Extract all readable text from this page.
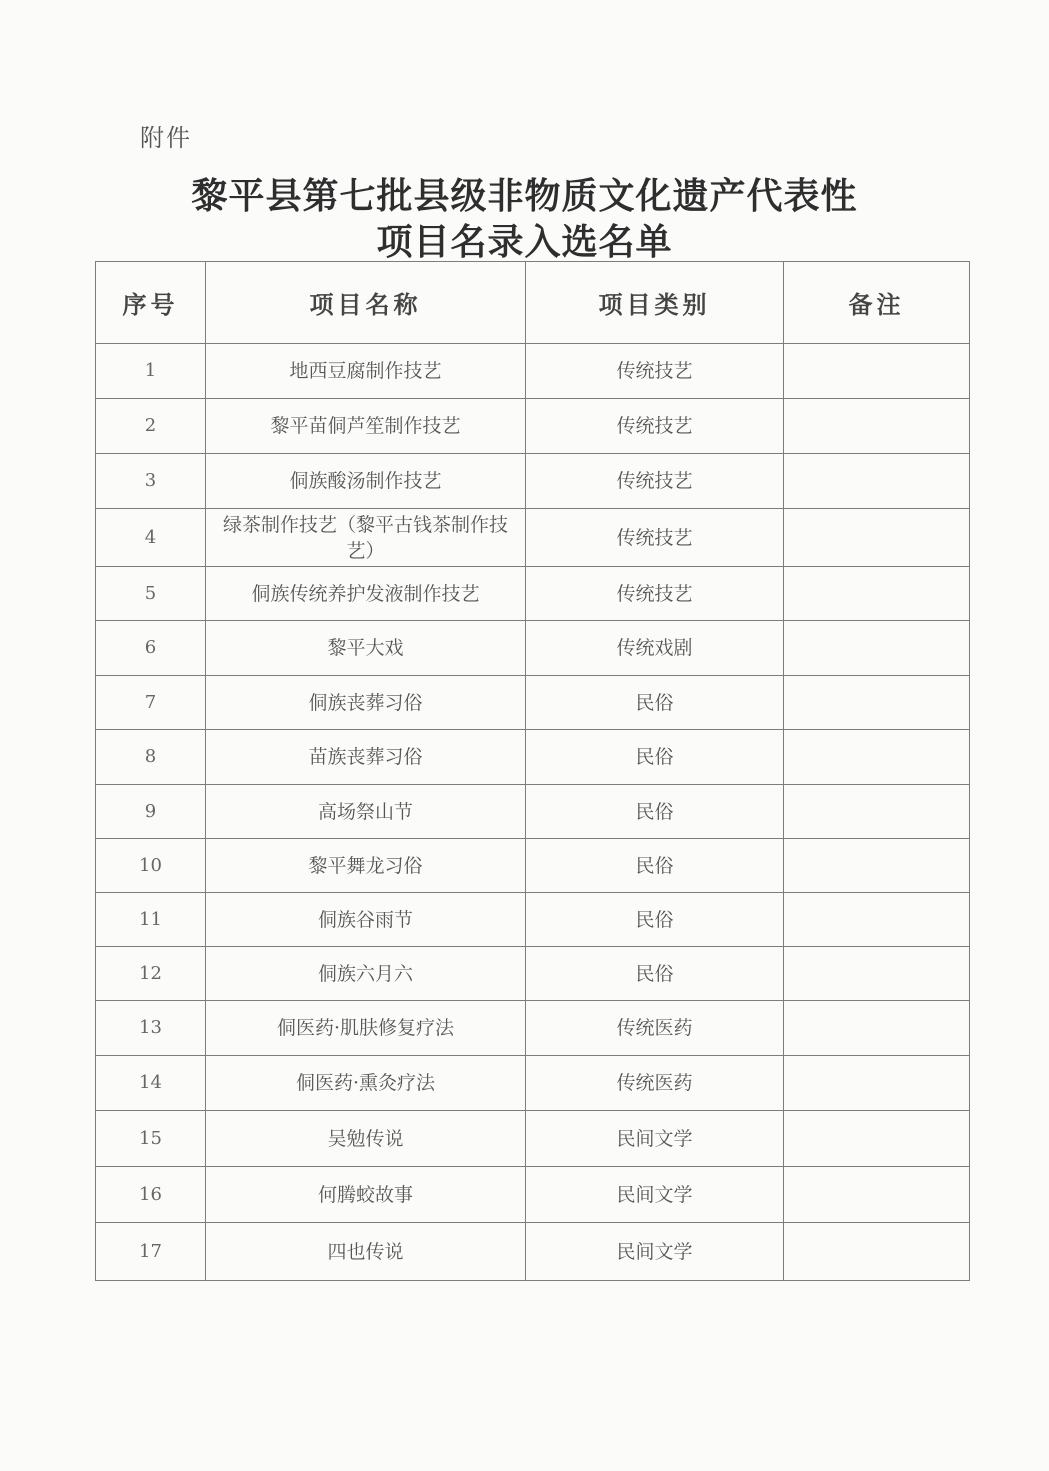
附件
黎平县第七批县级非物质文化遗产代表性
项目名录入选名单
序号	项目名称	项目类别	备注
1	地西豆腐制作技艺	传统技艺	
2	黎平苗侗芦笙制作技艺	传统技艺	
3	侗族酸汤制作技艺	传统技艺	
4	绿茶制作技艺（黎平古钱茶制作技艺）	传统技艺	
5	侗族传统养护发液制作技艺	传统技艺	
6	黎平大戏	传统戏剧	
7	侗族丧葬习俗	民俗	
8	苗族丧葬习俗	民俗	
9	高场祭山节	民俗	
10	黎平舞龙习俗	民俗	
11	侗族谷雨节	民俗	
12	侗族六月六	民俗	
13	侗医药·肌肤修复疗法	传统医药	
14	侗医药·熏灸疗法	传统医药	
15	吴勉传说	民间文学	
16	何腾蛟故事	民间文学	
17	四也传说	民间文学	
